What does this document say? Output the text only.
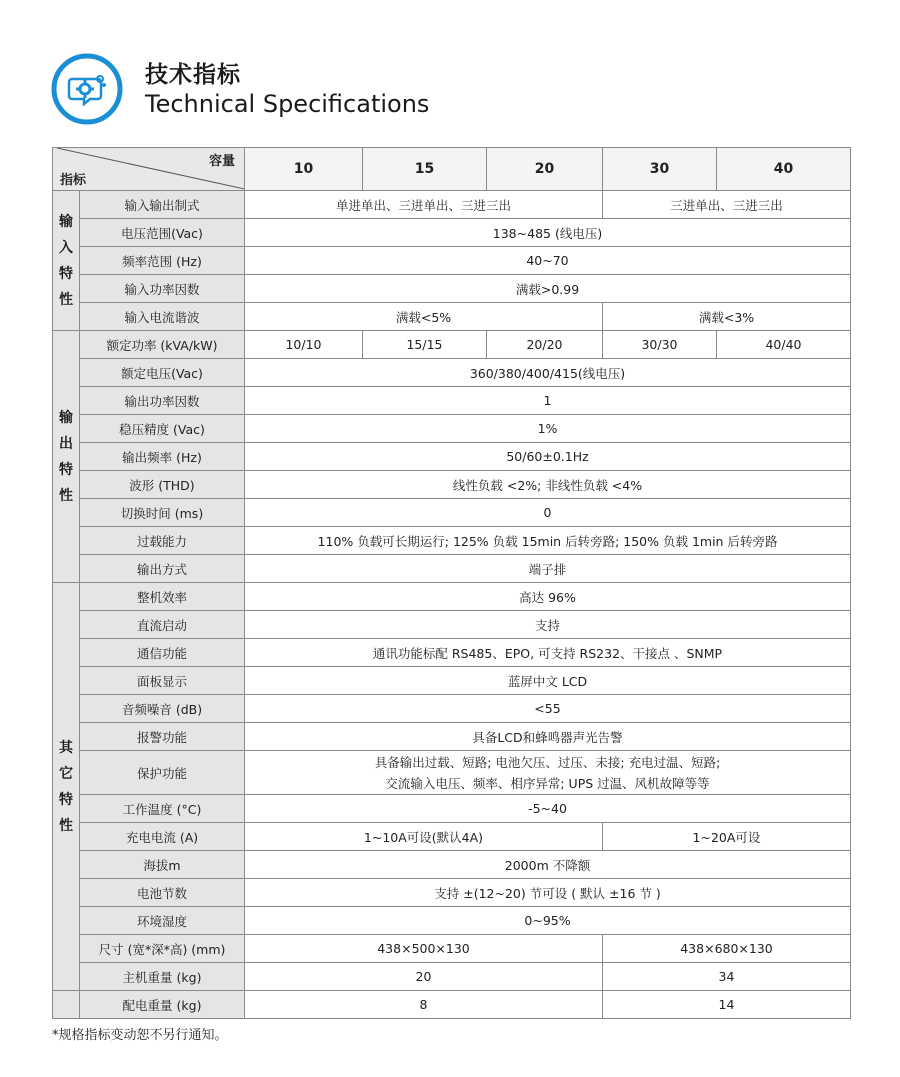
技术指标
Technical Specifications
容量
指标		10	15	20	30	40

输
入
特
性	输入输出制式	单进单出、三进单出、三进三出			三进单出、三进三出	
	电压范围(Vac)	138~485 (线电压)				
	频率范围 (Hz)	40~70				
	输入功率因数	满载>0.99				
	输入电流谐波	满载<5%			满载<3%	

输
出
特
性	额定功率 (kVA/kW)	10/10	15/15	20/20	30/30	40/40
	额定电压(Vac)	360/380/400/415(线电压)				
	输出功率因数	1				
	稳压精度 (Vac)	1%				
	输出频率 (Hz)	50/60±0.1Hz				
	波形 (THD)	线性负载 <2%; 非线性负载 <4%				
	切换时间 (ms)	0				
	过载能力	110% 负载可长期运行; 125% 负载 15min 后转旁路; 150% 负载 1min 后转旁路				
	输出方式	端子排				

其
它
特
性	整机效率	高达 96%				
	直流启动	支持				
	通信功能	通讯功能标配 RS485、EPO, 可支持 RS232、干接点 、SNMP				
	面板显示	蓝屏中文 LCD				
	音频噪音 (dB)	<55				
	报警功能	具备LCD和蜂鸣器声光告警				
	保护功能	具备输出过载、短路; 电池欠压、过压、未接; 充电过温、短路;
交流输入电压、频率、相序异常; UPS 过温、风机故障等等				

	工作温度 (°C)	-5~40				
	充电电流 (A)	1~10A可设(默认4A)			1~20A可设	
	海拔m	2000m 不降额				
	电池节数	支持 ±(12~20) 节可设 ( 默认 ±16 节 )				
	环境湿度	0~95%				
	尺寸 (宽*深*高) (mm)	438×500×130			438×680×130	
	主机重量 (kg)	20			34	
	配电重量 (kg)	8			14	
*规格指标变动恕不另行通知。
